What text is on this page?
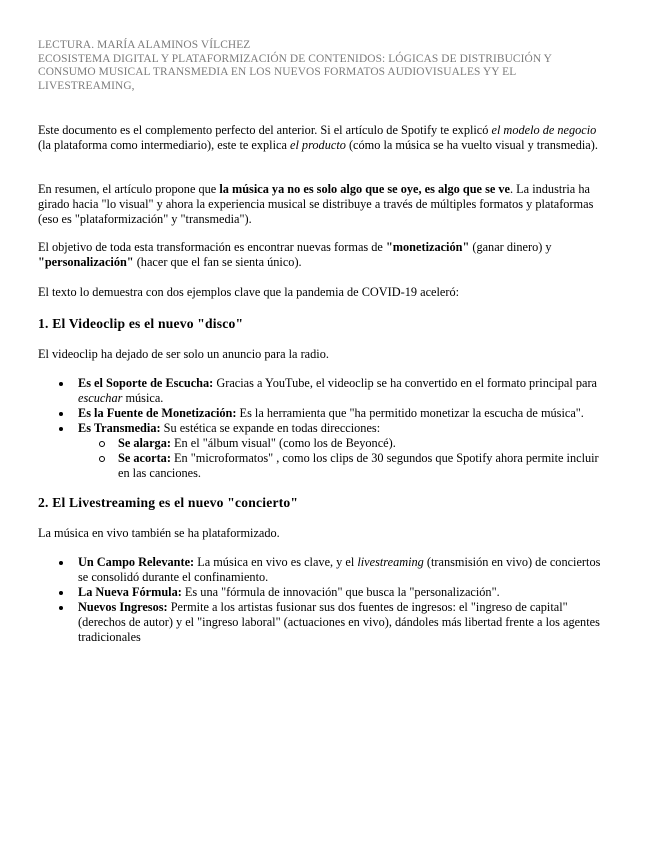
LECTURA. MARÍA ALAMINOS VÍLCHEZ
ECOSISTEMA DIGITAL Y PLATAFORMIZACIÓN DE CONTENIDOS: LÓGICAS DE DISTRIBUCIÓN Y
CONSUMO MUSICAL TRANSMEDIA EN LOS NUEVOS FORMATOS AUDIOVISUALES YY EL
LIVESTREAMING,

Este documento es el complemento perfecto del anterior. Si el artículo de Spotify te explicó el modelo de negocio (la plataforma como intermediario), este te explica el producto (cómo la música se ha vuelto visual y transmedia).

En resumen, el artículo propone que la música ya no es solo algo que se oye, es algo que se ve. La industria ha girado hacia "lo visual" y ahora la experiencia musical se distribuye a través de múltiples formatos y plataformas (eso es "plataformización" y "transmedia").

El objetivo de toda esta transformación es encontrar nuevas formas de "monetización" (ganar dinero) y "personalización" (hacer que el fan se sienta único).

El texto lo demuestra con dos ejemplos clave que la pandemia de COVID-19 aceleró:

1. El Videoclip es el nuevo "disco"

El videoclip ha dejado de ser solo un anuncio para la radio.

Es el Soporte de Escucha: Gracias a YouTube, el videoclip se ha convertido en el formato principal para escuchar música.
Es la Fuente de Monetización: Es la herramienta que "ha permitido monetizar la escucha de música".
Es Transmedia: Su estética se expande en todas direcciones:
Se alarga: En el "álbum visual" (como los de Beyoncé).
Se acorta: En "microformatos" , como los clips de 30 segundos que Spotify ahora permite incluir en las canciones.
2. El Livestreaming es el nuevo "concierto"

La música en vivo también se ha plataformizado.

Un Campo Relevante: La música en vivo es clave, y el livestreaming (transmisión en vivo) de conciertos se consolidó durante el confinamiento.
La Nueva Fórmula: Es una "fórmula de innovación" que busca la "personalización".
Nuevos Ingresos: Permite a los artistas fusionar sus dos fuentes de ingresos: el "ingreso de capital" (derechos de autor) y el "ingreso laboral" (actuaciones en vivo), dándoles más libertad frente a los agentes tradicionales
